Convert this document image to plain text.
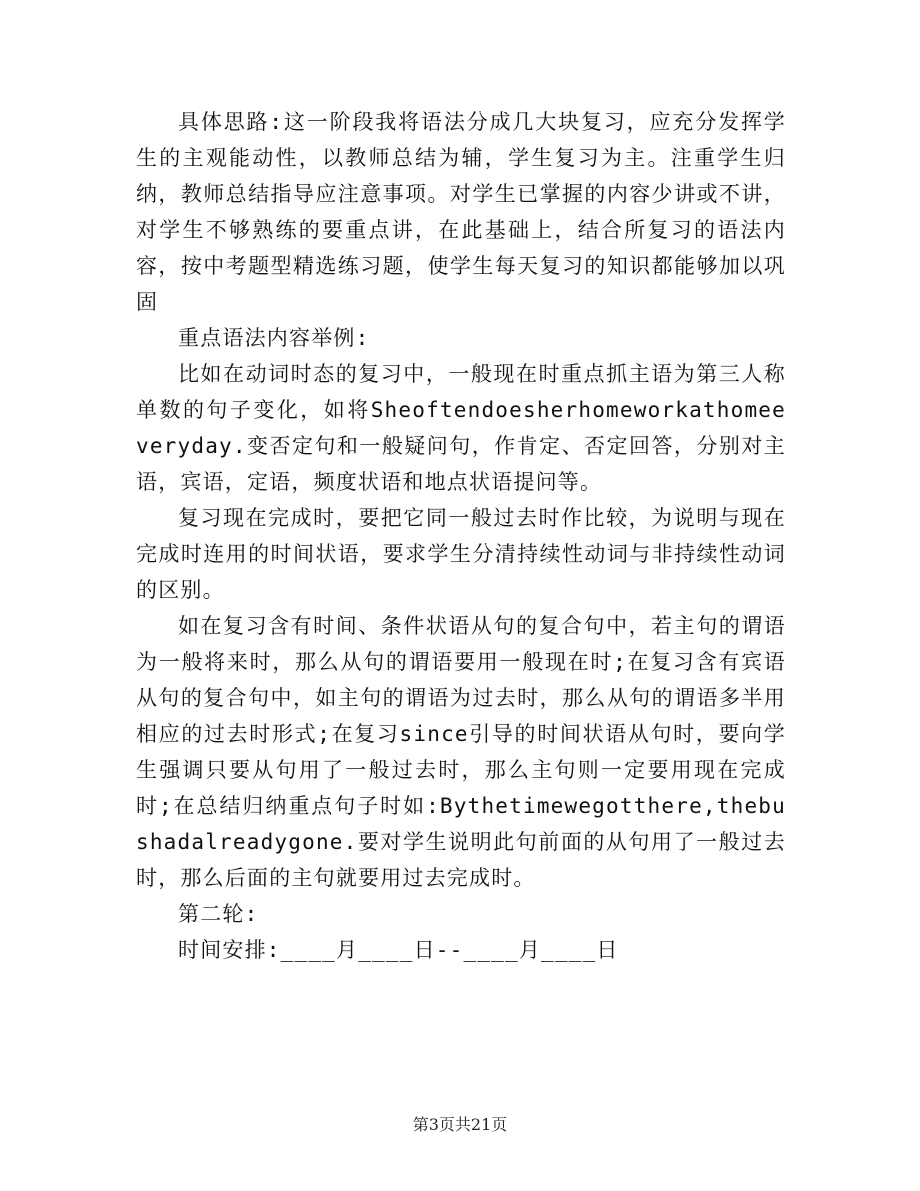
具体思路:这一阶段我将语法分成几大块复习，应充分发挥学生的主观能动性，以教师总结为辅，学生复习为主。注重学生归纳，教师总结指导应注意事项。对学生已掌握的内容少讲或不讲，对学生不够熟练的要重点讲，在此基础上，结合所复习的语法内容，按中考题型精选练习题，使学生每天复习的知识都能够加以巩固

重点语法内容举例:

比如在动词时态的复习中，一般现在时重点抓主语为第三人称单数的句子变化，如将Sheoftendoesherhomeworkathomeeveryday.变否定句和一般疑问句，作肯定、否定回答，分别对主语，宾语，定语，频度状语和地点状语提问等。

复习现在完成时，要把它同一般过去时作比较，为说明与现在完成时连用的时间状语，要求学生分清持续性动词与非持续性动词的区别。

如在复习含有时间、条件状语从句的复合句中，若主句的谓语为一般将来时，那么从句的谓语要用一般现在时;在复习含有宾语从句的复合句中，如主句的谓语为过去时，那么从句的谓语多半用相应的过去时形式;在复习since引导的时间状语从句时，要向学生强调只要从句用了一般过去时，那么主句则一定要用现在完成时;在总结归纳重点句子时如:Bythetimewegotthere,thebushadalreadygone.要对学生说明此句前面的从句用了一般过去时，那么后面的主句就要用过去完成时。

第二轮:

时间安排:____月____日--____月____日

第3页共21页
